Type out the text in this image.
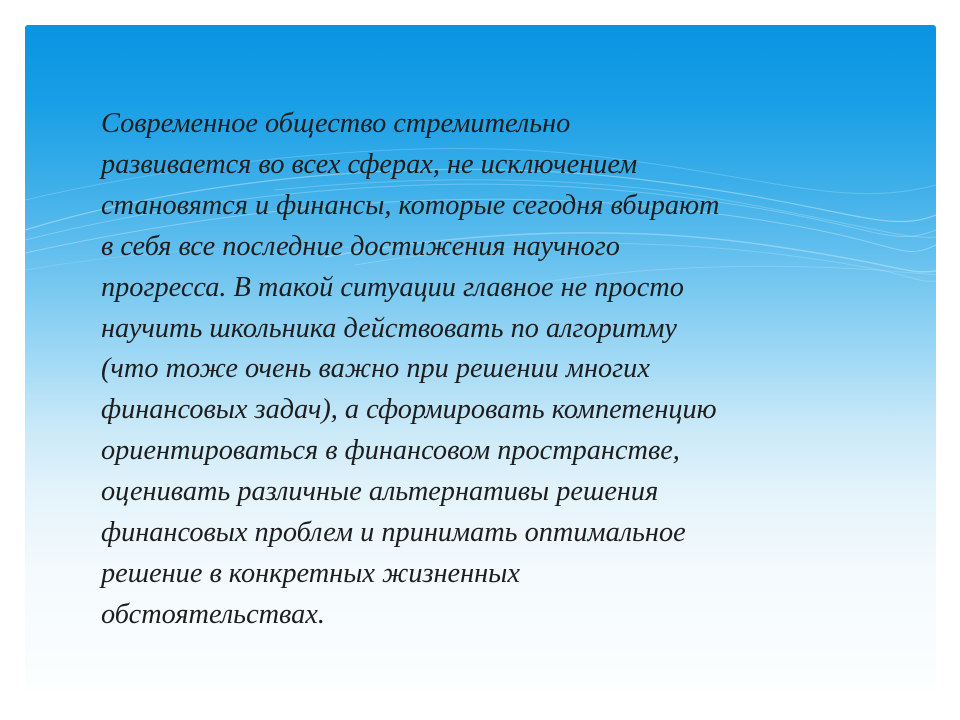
Современное общество стремительно
развивается во всех сферах, не исключением
становятся и финансы, которые сегодня вбирают
в себя все последние достижения научного
прогресса. В такой ситуации главное не просто
научить школьника действовать по алгоритму
(что тоже очень важно при решении многих
финансовых задач), а сформировать компетенцию
ориентироваться в финансовом пространстве,
оценивать различные альтернативы решения
финансовых проблем и принимать оптимальное
решение в конкретных жизненных
обстоятельствах.
